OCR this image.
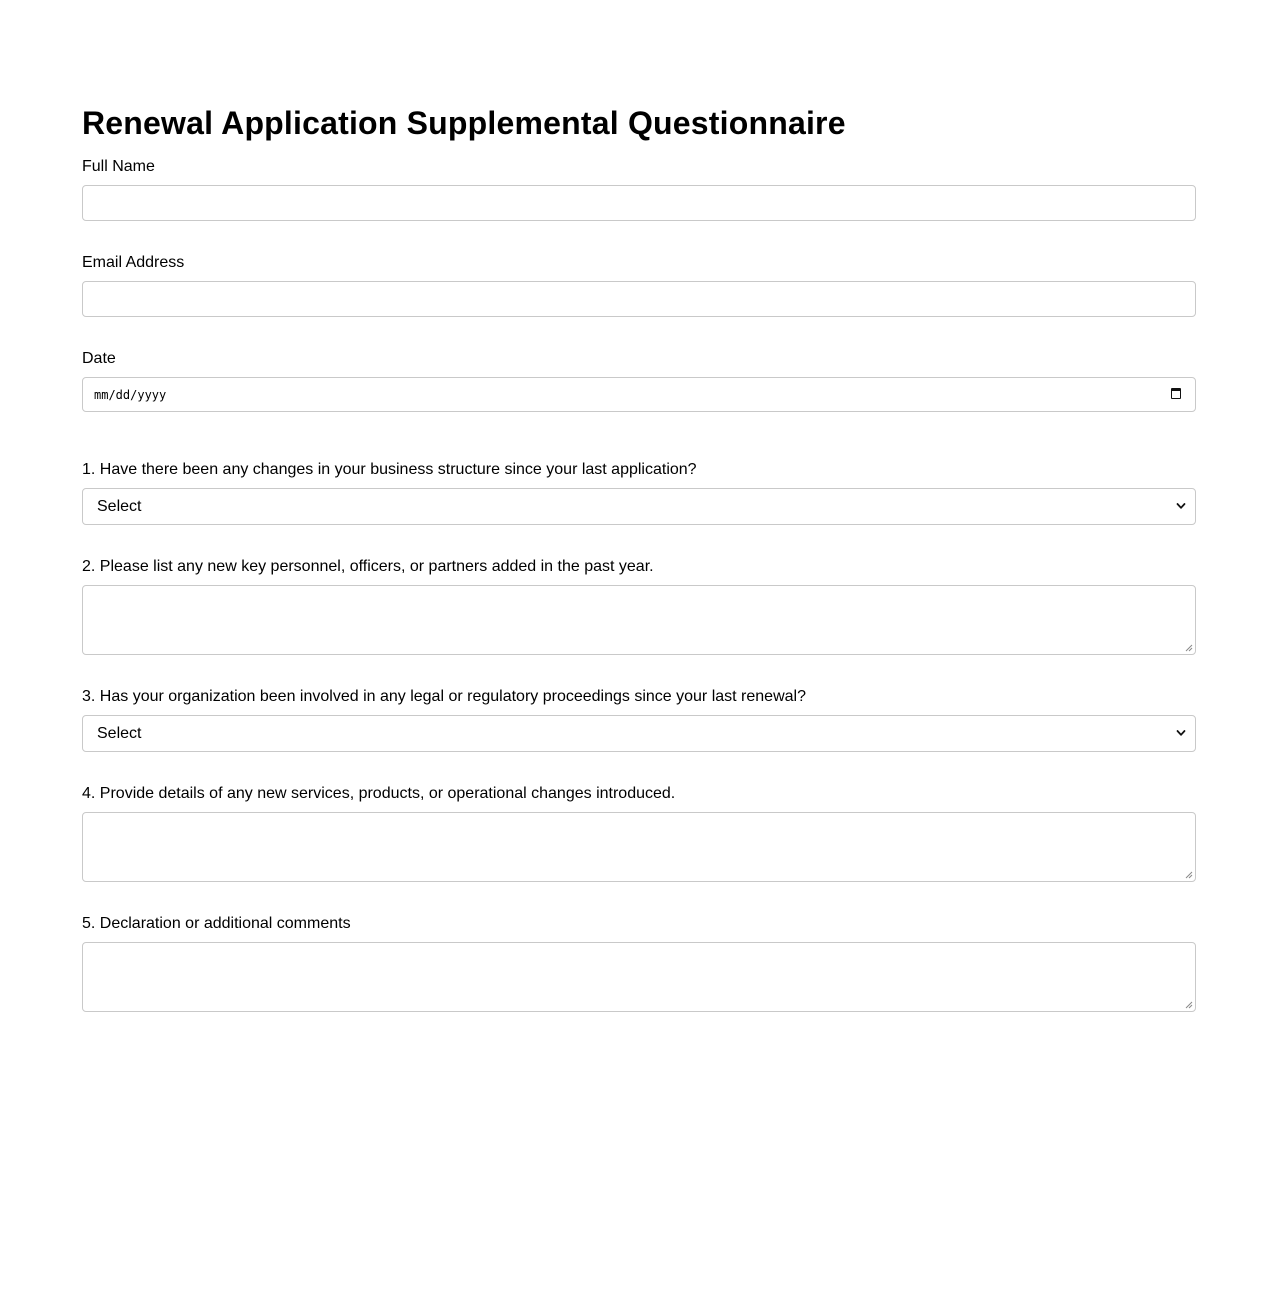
Renewal Application Supplemental Questionnaire
Full Name
Email Address
Date
mm/dd/yyyy
1. Have there been any changes in your business structure since your last application?
Select
2. Please list any new key personnel, officers, or partners added in the past year.
3. Has your organization been involved in any legal or regulatory proceedings since your last renewal?
Select
4. Provide details of any new services, products, or operational changes introduced.
5. Declaration or additional comments
